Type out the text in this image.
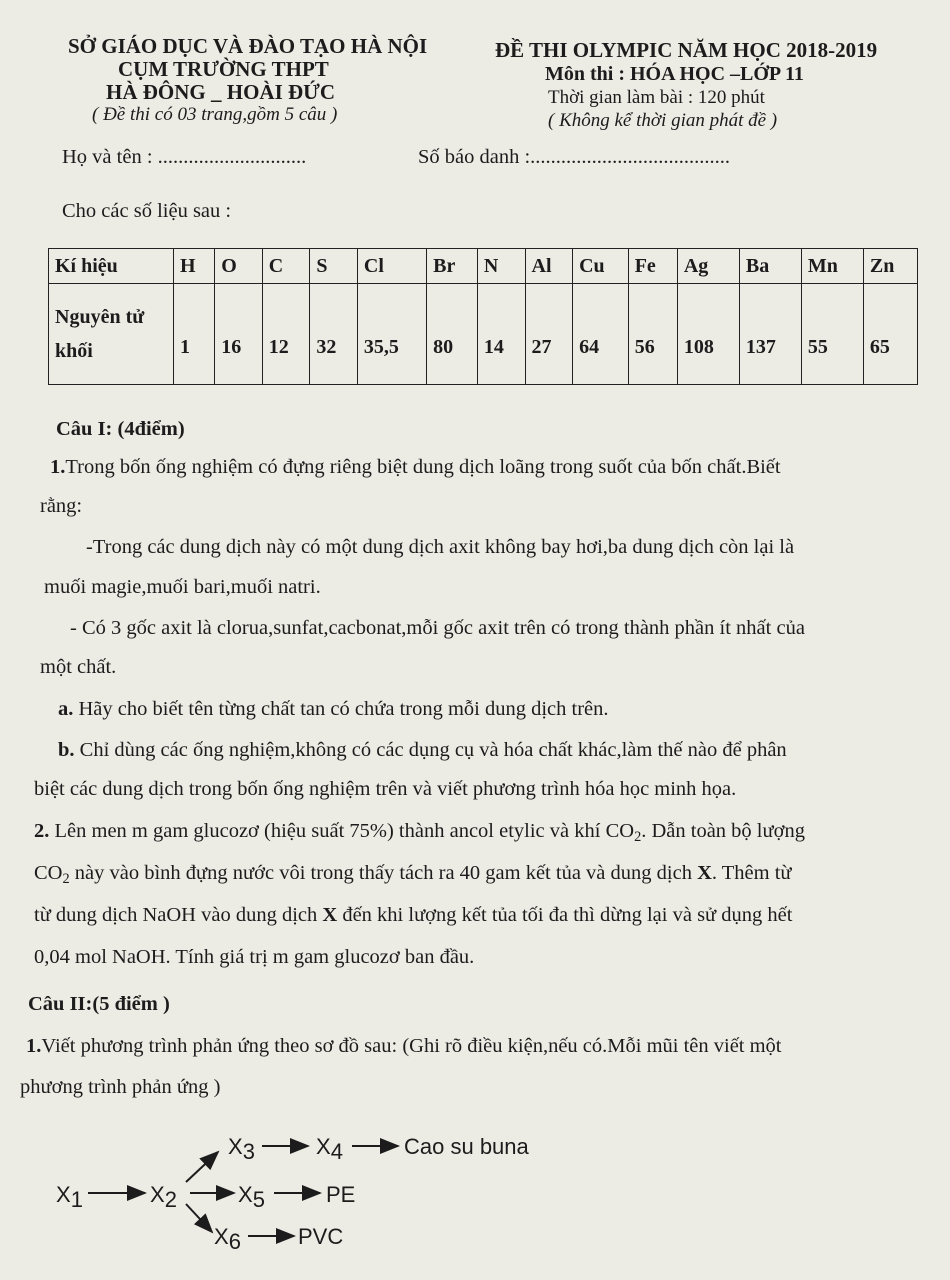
SỞ GIÁO DỤC VÀ ĐÀO TẠO HÀ NỘI
CỤM TRƯỜNG THPT
HÀ ĐÔNG _ HOÀI ĐỨC
( Đề thi có 03 trang,gồm 5 câu )
ĐỀ THI OLYMPIC NĂM HỌC 2018-2019
Môn thi : HÓA HỌC –LỚP 11
Thời gian làm bài : 120 phút
( Không kể thời gian phát đề )
Họ và tên : .............................	Số báo danh :.......................................
Cho các số liệu sau :
Kí hiệu	H	O	C	S	Cl	Br	N	Al	Cu	Fe	Ag	Ba	Mn	Zn

Nguyên tử
khối	1	16	12	32	35,5	80	14	27	64	56	108	137	55	65
Câu I: (4điểm)
1.Trong bốn ống nghiệm có đựng riêng biệt dung dịch loãng trong suốt của bốn chất.Biết
rằng:
-Trong các dung dịch này có một dung dịch axit không bay hơi,ba dung dịch còn lại là
muối magie,muối bari,muối natri.
- Có 3 gốc axit là clorua,sunfat,cacbonat,mỗi gốc axit trên có trong thành phần ít nhất của
một chất.
a. Hãy cho biết tên từng chất tan có chứa trong mỗi dung dịch trên.
b. Chỉ dùng các ống nghiệm,không có các dụng cụ và hóa chất khác,làm thế nào để phân
biệt các dung dịch trong bốn ống nghiệm trên và viết phương trình hóa học minh họa.
2. Lên men m gam glucozơ (hiệu suất 75%) thành ancol etylic và khí $CO_2$. Dẫn toàn bộ lượng
$CO_2$ này vào bình đựng nước vôi trong thấy tách ra 40 gam kết tủa và dung dịch X. Thêm từ
từ dung dịch NaOH vào dung dịch X đến khi lượng kết tủa tối đa thì dừng lại và sử dụng hết
0,04 mol NaOH. Tính giá trị m gam glucozơ ban đầu.
Câu II:(5 điểm )
1.Viết phương trình phản ứng theo sơ đồ sau: (Ghi rõ điều kiện,nếu có.Mỗi mũi tên viết một
phương trình phản ứng )
X1	X2
X3	X4	Cao su buna
X5	PE
X6	PVC
